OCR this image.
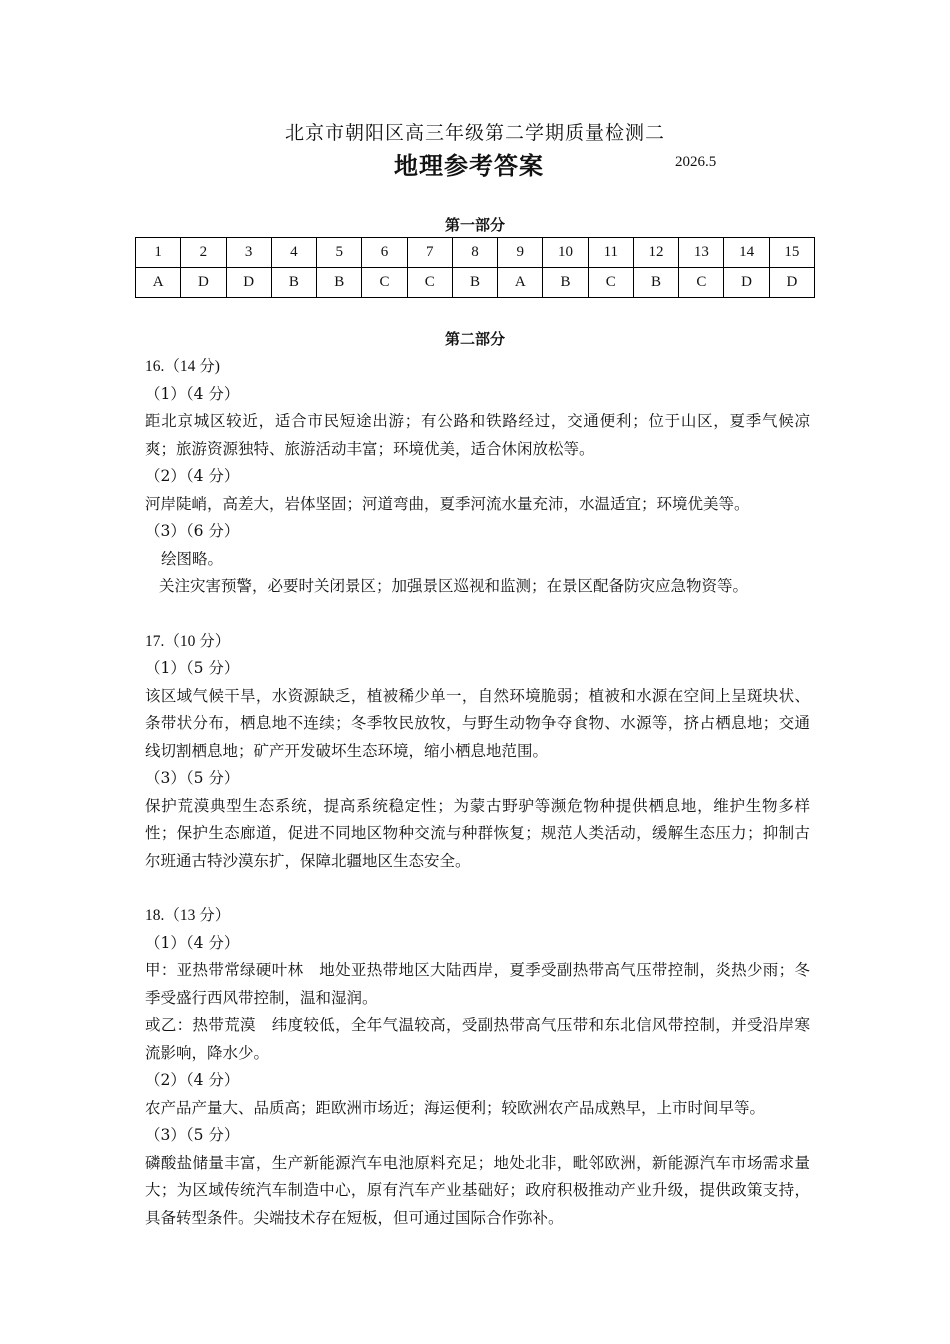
北京市朝阳区高三年级第二学期质量检测二
地理参考答案	2026.5
第一部分
1	2	3	4	5	6	7	8	9	10	11	12	13	14	15
A	D	D	B	B	C	C	B	A	B	C	B	C	D	D
第二部分
16.（14 分)
（1）（4 分）
距北京城区较近，适合市民短途出游；有公路和铁路经过，交通便利；位于山区，夏季气候凉爽；旅游资源独特、旅游活动丰富；环境优美，适合休闲放松等。
（2）（4 分）
河岸陡峭，高差大，岩体坚固；河道弯曲，夏季河流水量充沛，水温适宜；环境优美等。
（3）（6 分）
绘图略。
关注灾害预警，必要时关闭景区；加强景区巡视和监测；在景区配备防灾应急物资等。
17.（10 分）
（1）（5 分）
该区域气候干旱，水资源缺乏，植被稀少单一，自然环境脆弱；植被和水源在空间上呈斑块状、条带状分布，栖息地不连续；冬季牧民放牧，与野生动物争夺食物、水源等，挤占栖息地；交通线切割栖息地；矿产开发破坏生态环境，缩小栖息地范围。
（3）（5 分）
保护荒漠典型生态系统，提高系统稳定性；为蒙古野驴等濒危物种提供栖息地，维护生物多样性；保护生态廊道，促进不同地区物种交流与种群恢复；规范人类活动，缓解生态压力；抑制古尔班通古特沙漠东扩，保障北疆地区生态安全。
18.（13 分）
（1）（4 分）
甲：亚热带常绿硬叶林　地处亚热带地区大陆西岸，夏季受副热带高气压带控制，炎热少雨；冬季受盛行西风带控制，温和湿润。
或乙：热带荒漠　纬度较低，全年气温较高，受副热带高气压带和东北信风带控制，并受沿岸寒流影响，降水少。
（2）（4 分）
农产品产量大、品质高；距欧洲市场近；海运便利；较欧洲农产品成熟早，上市时间早等。
（3）（5 分）
磷酸盐储量丰富，生产新能源汽车电池原料充足；地处北非，毗邻欧洲，新能源汽车市场需求量大；为区域传统汽车制造中心，原有汽车产业基础好；政府积极推动产业升级，提供政策支持，具备转型条件。尖端技术存在短板，但可通过国际合作弥补。
